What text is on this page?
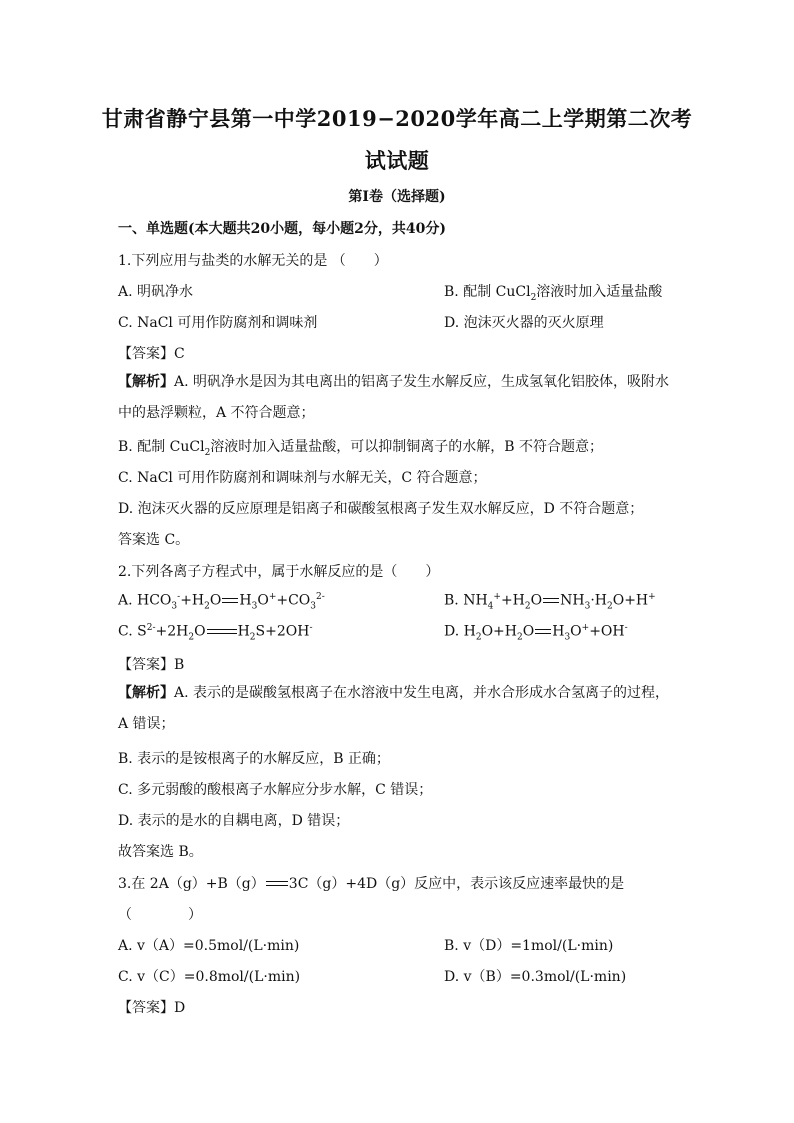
甘肃省静宁县第一中学2019−2020学年高二上学期第二次考
试试题
第Ⅰ卷（选择题)
一、单选题(本大题共20小题，每小题2分，共40分)
1.下列应用与盐类的水解无关的是 （　　）
A. 明矾净水	B. 配制 CuCl$_2$溶液时加入适量盐酸
C. NaCl 可用作防腐剂和调味剂	D. 泡沫灭火器的灭火原理
【答案】C
【解析】A. 明矾净水是因为其电离出的铝离子发生水解反应，生成氢氧化铝胶体，吸附水中的悬浮颗粒，A 不符合题意；
B. 配制 CuCl$_2$溶液时加入适量盐酸，可以抑制铜离子的水解，B 不符合题意；
C. NaCl 可用作防腐剂和调味剂与水解无关，C 符合题意；
D. 泡沫灭火器的反应原理是铝离子和碳酸氢根离子发生双水解反应，D 不符合题意；
答案选 C。
2.下列各离子方程式中，属于水解反应的是（　　）
A. $HCO_3^-+H_2O$ $H_3O^++CO_3^{2-}$	B. $NH_4^++H_2O$ $NH_3\cdot H_2O+H^+$
C. $S^{2-}+2H_2O$ $H_2S+2OH^-$	D. $H_2O+H_2O$ $H_3O^++OH^-$
【答案】B
【解析】A. 表示的是碳酸氢根离子在水溶液中发生电离，并水合形成水合氢离子的过程，A 错误；
B. 表示的是铵根离子的水解反应，B 正确；
C. 多元弱酸的酸根离子水解应分步水解，C 错误；
D. 表示的是水的自耦电离，D 错误；
故答案选 B。
3.在 2A（g）+B（g） 3C（g）+4D（g）反应中，表示该反应速率最快的是
（　　　　）
A. v（A）=0.5mol/(L·min)	B. v（D）=1mol/(L·min)
C. v（C）=0.8mol/(L·min)	D. v（B）=0.3mol/(L·min)
【答案】D
